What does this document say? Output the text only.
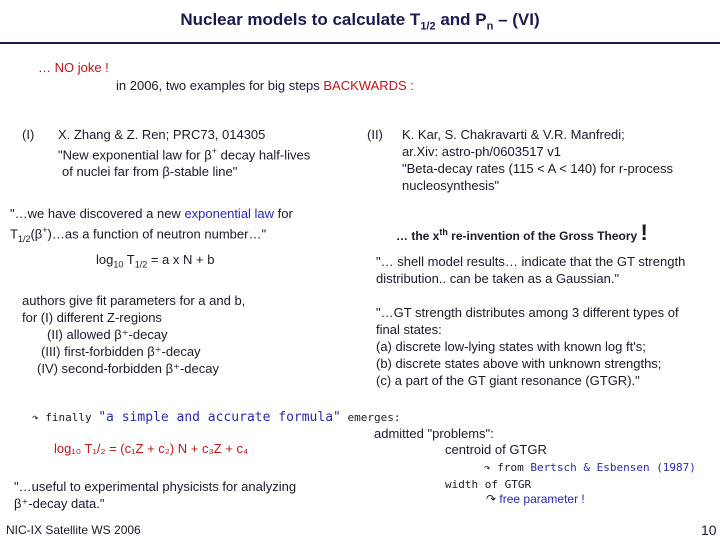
Nuclear models to calculate $T_{1/2}$ and $P_n - (VI)$
… NO joke !
in 2006, two examples for big steps BACKWARDS :
(I) X. Zhang & Z. Ren; PRC73, 014305
"New exponential law for β+ decay half-lives
of nuclei far from β-stable line"
"…we have discovered a new exponential law for
$T_{1/2}(\beta^+)\dots as$ a function of neutron number…"
$\log_{10} T_{1/2} = a$ x N + b
authors give fit parameters for a and b,
for (I) different Z-regions
(II) allowed β⁺-decay
(III) first-forbidden β⁺-decay
(IV) second-forbidden β⁺-decay
↷ finally "a simple and accurate formula" emerges:
log₁₀ T₁/₂ = (c₁Z + c₂) N + c₃Z + c₄
"…useful to experimental physicists for analyzing
β⁺-decay data."
(II) K. Kar, S. Chakravarti & V.R. Manfredi;
ar.Xiv: astro-ph/0603517 v1
"Beta-decay rates (115 < A < 140) for r-process
nucleosynthesis"
… the $x^{th}$ re-invention of the Gross Theory !
"… shell model results… indicate that the GT strength
distribution.. can be taken as a Gaussian."
"…GT strength distributes among 3 different types of
final states:
(a) discrete low-lying states with known log ft's;
(b) discrete states above with unknown strengths;
(c) a part of the GT giant resonance (GTGR)."
admitted "problems":
centroid of GTGR
↷ from Bertsch & Esbensen (1987)
width of GTGR
↷ free parameter !
NIC-IX Satellite WS 2006	10
